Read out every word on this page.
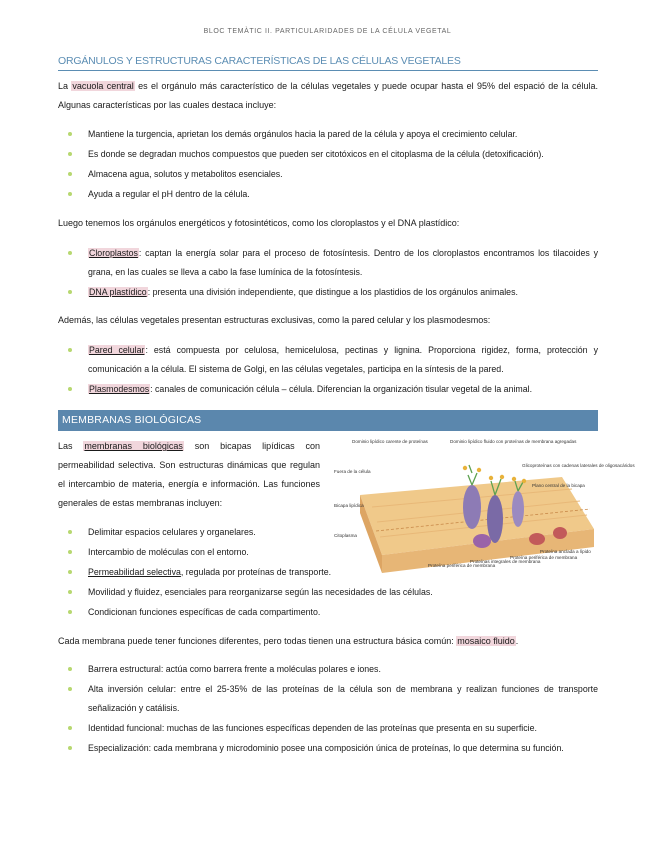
BLOC TEMÀTIC II. PARTICULARIDADES DE LA CÉLULA VEGETAL
ORGÁNULOS Y ESTRUCTURAS CARACTERÍSTICAS DE LAS CÉLULAS VEGETALES

La vacuola central es el orgánulo más característico de la células vegetales y puede ocupar hasta el 95% del espació de la célula. Algunas características por las cuales destaca incluye:

Mantiene la turgencia, aprietan los demás orgánulos hacia la pared de la célula y apoya el crecimiento celular.
Es donde se degradan muchos compuestos que pueden ser citotóxicos en el citoplasma de la célula (detoxificación).
Almacena agua, solutos y metabolitos esenciales.
Ayuda a regular el pH dentro de la célula.

Luego tenemos los orgánulos energéticos y fotosintéticos, como los cloroplastos y el DNA plastídico:

Cloroplastos: captan la energía solar para el proceso de fotosíntesis. Dentro de los cloroplastos encontramos los tilacoides y grana, en las cuales se lleva a cabo la fase lumínica de la fotosíntesis.
DNA plastídico: presenta una división independiente, que distingue a los plastidios de los orgánulos animales.

Además, las células vegetales presentan estructuras exclusivas, como la pared celular y los plasmodesmos:

Pared celular: está compuesta por celulosa, hemicelulosa, pectinas y lignina. Proporciona rigidez, forma, protección y comunicación a la célula. El sistema de Golgi, en las células vegetales, participa en la síntesis de la pared.
Plasmodesmos: canales de comunicación célula – célula. Diferencian la organización tisular vegetal de la animal.
MEMBRANAS BIOLÓGICAS

Las membranas biológicas son bicapas lipídicas con permeabilidad selectiva. Son estructuras dinámicas que regulan el intercambio de materia, energía e información. Las funciones generales de estas membranas incluyen:

Dominio lipídico carente de proteínas	Dominio lipídico fluido con proteínas de membrana agregadas
Glicoproteínas con cadenas laterales de oligosacáridos
Plano central de la bicapa
Fuera de la célula
Bicapa lipídica
Citoplasma
Proteína periférica de membrana
Proteínas integrales de membrana
Proteína periférica de membrana
Proteína anclada a lípido
Delimitar espacios celulares y organelares.
Intercambio de moléculas con el entorno.
Permeabilidad selectiva, regulada por proteínas de transporte.
Movilidad y fluidez, esenciales para reorganizarse según las necesidades de las células.
Condicionan funciones específicas de cada compartimento.

Cada membrana puede tener funciones diferentes, pero todas tienen una estructura básica común: mosaico fluido.

Barrera estructural: actúa como barrera frente a moléculas polares e iones.
Alta inversión celular: entre el 25-35% de las proteínas de la célula son de membrana y realizan funciones de transporte señalización y catálisis.
Identidad funcional: muchas de las funciones específicas dependen de las proteínas que presenta en su superficie.
Especialización: cada membrana y microdominio posee una composición única de proteínas, lo que determina su función.
